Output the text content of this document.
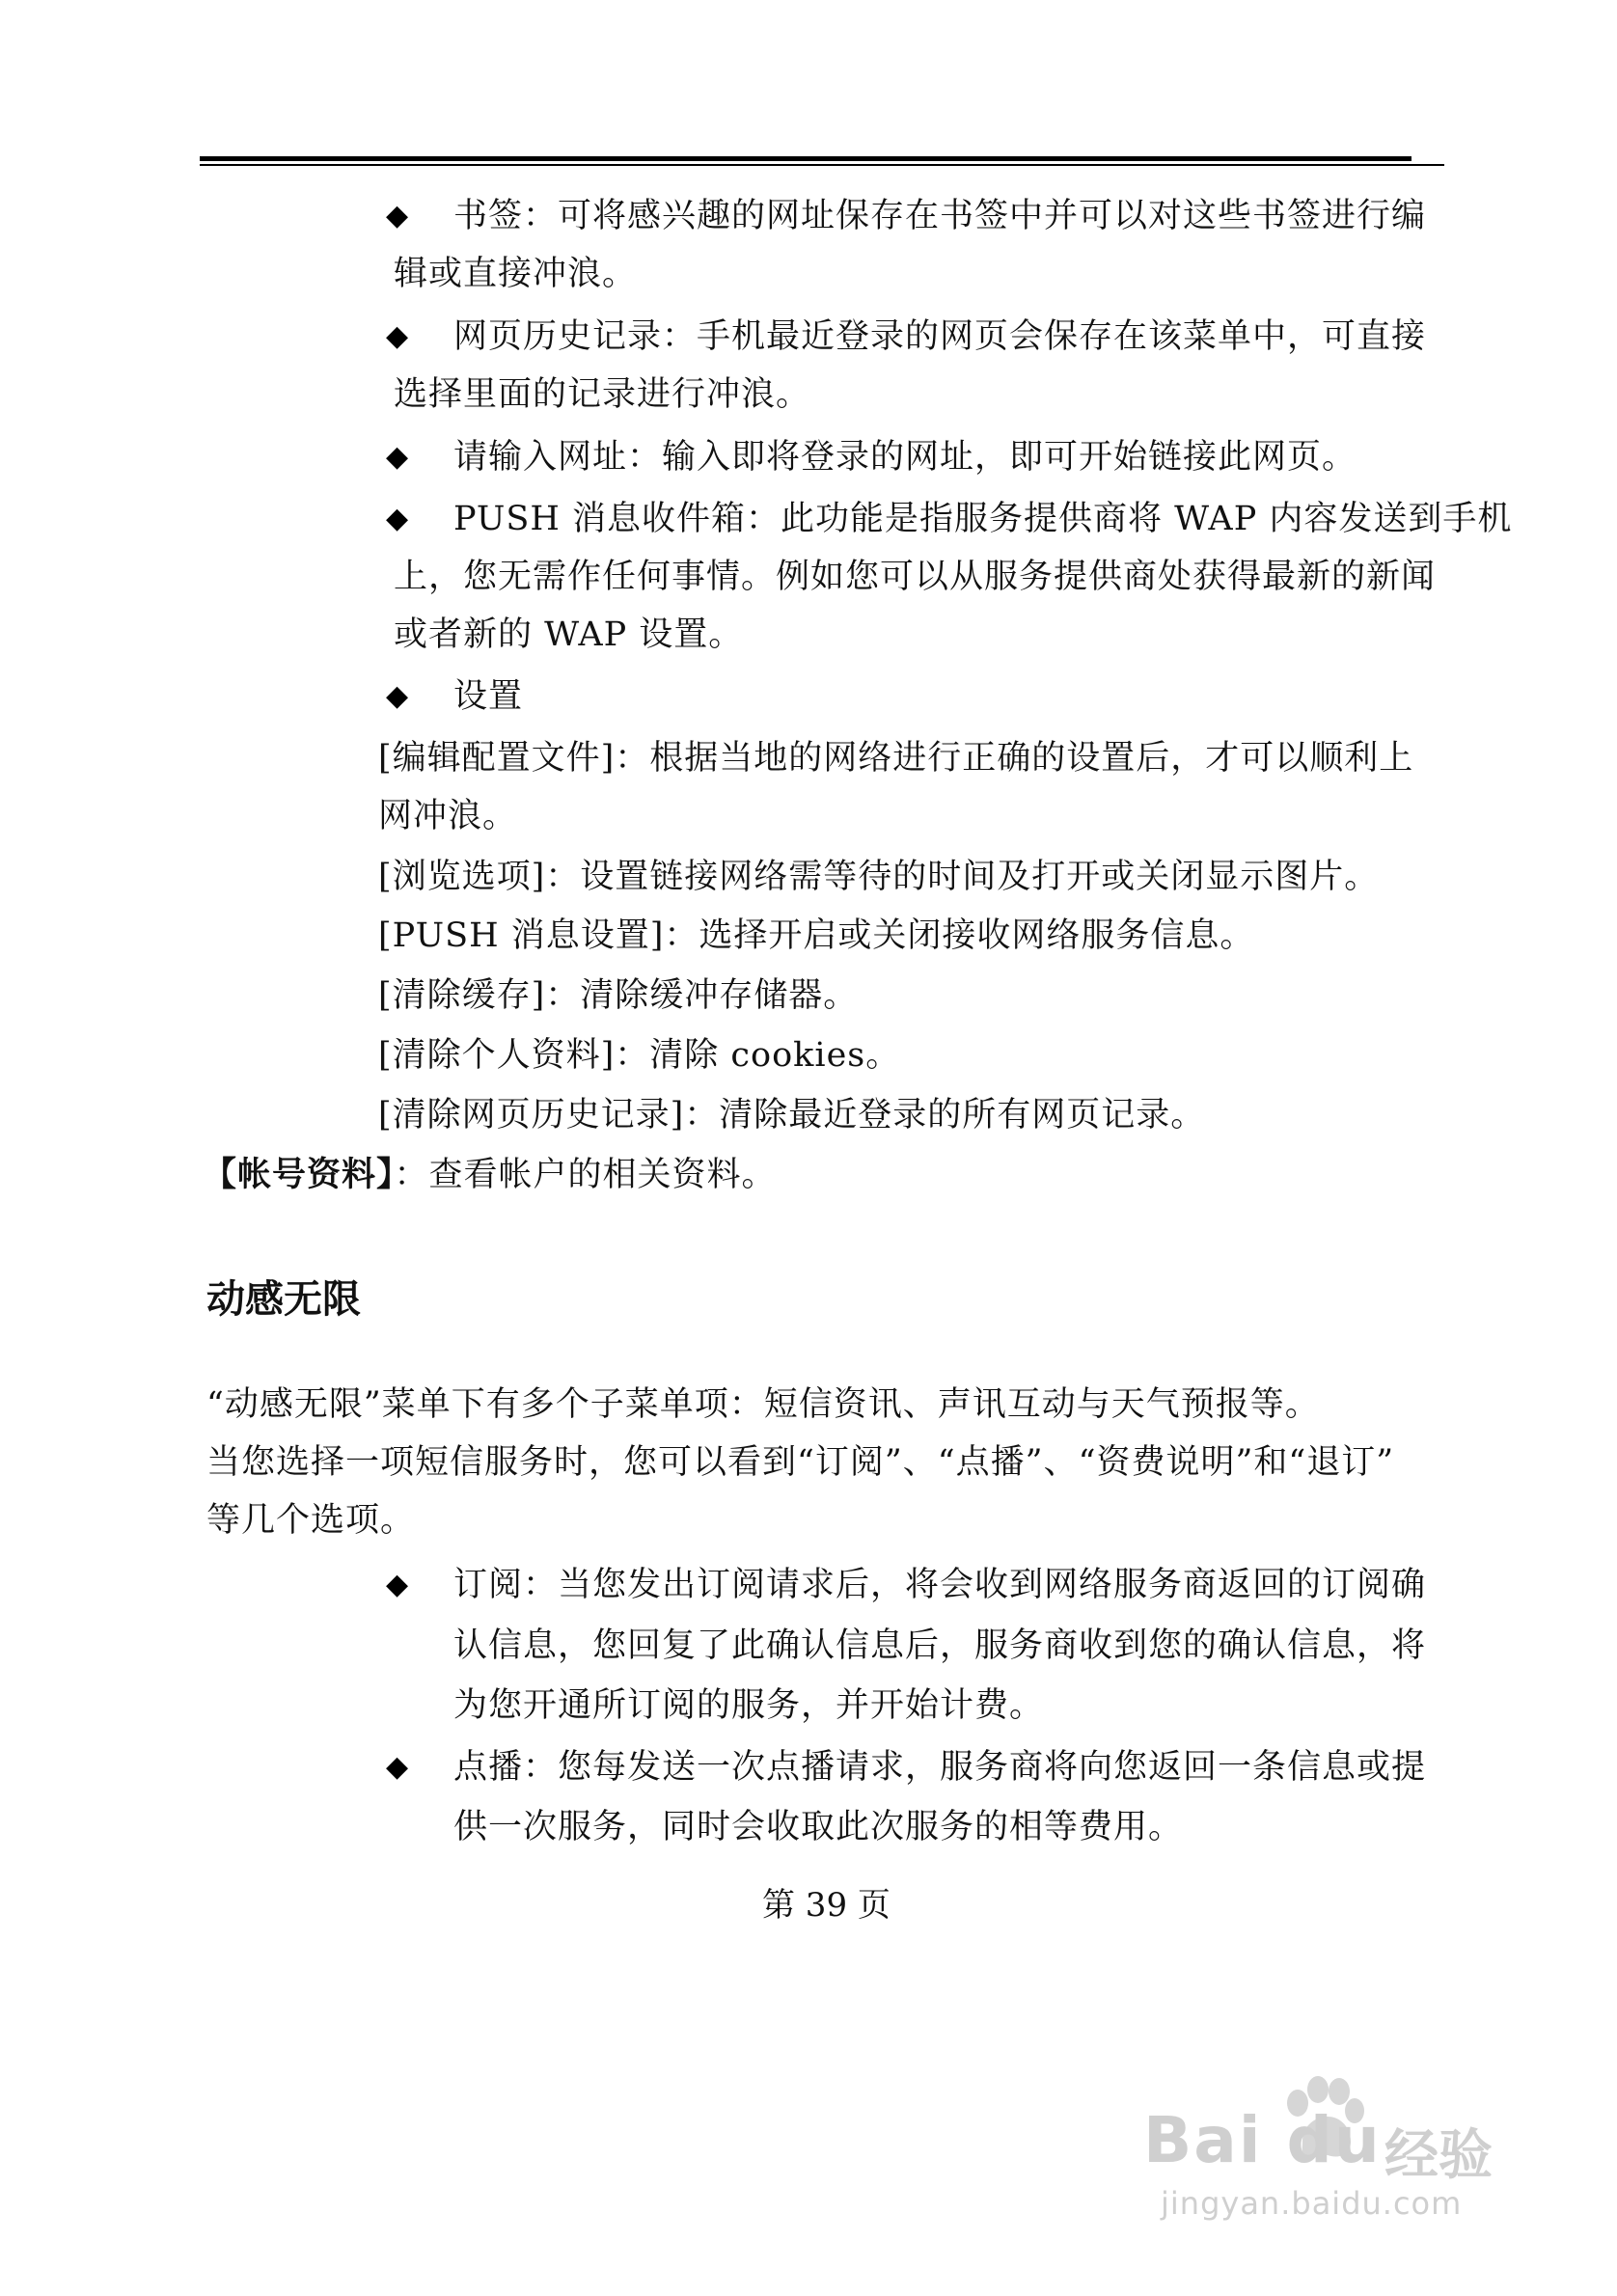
◆ 书签：可将感兴趣的网址保存在书签中并可以对这些书签进行编
辑或直接冲浪。
◆ 网页历史记录：手机最近登录的网页会保存在该菜单中，可直接
选择里面的记录进行冲浪。
◆ 请输入网址：输入即将登录的网址，即可开始链接此网页。
◆ PUSH 消息收件箱：此功能是指服务提供商将 WAP 内容发送到手机
上，您无需作任何事情。例如您可以从服务提供商处获得最新的新闻
或者新的 WAP 设置。
◆ 设置
[编辑配置文件]：根据当地的网络进行正确的设置后，才可以顺利上
网冲浪。
[浏览选项]：设置链接网络需等待的时间及打开或关闭显示图片。
[PUSH 消息设置]：选择开启或关闭接收网络服务信息。
[清除缓存]：清除缓冲存储器。
[清除个人资料]：清除 cookies。
[清除网页历史记录]：清除最近登录的所有网页记录。
【帐号资料】：查看帐户的相关资料。
动感无限
“动感无限”菜单下有多个子菜单项：短信资讯、声讯互动与天气预报等。
当您选择一项短信服务时，您可以看到“订阅”、“点播”、“资费说明”和“退订”
等几个选项。
◆ 订阅：当您发出订阅请求后，将会收到网络服务商返回的订阅确
认信息，您回复了此确认信息后，服务商收到您的确认信息，将
为您开通所订阅的服务，并开始计费。
◆ 点播：您每发送一次点播请求，服务商将向您返回一条信息或提
供一次服务，同时会收取此次服务的相等费用。
第 39 页
Bai du 经验
jingyan.baidu.com
